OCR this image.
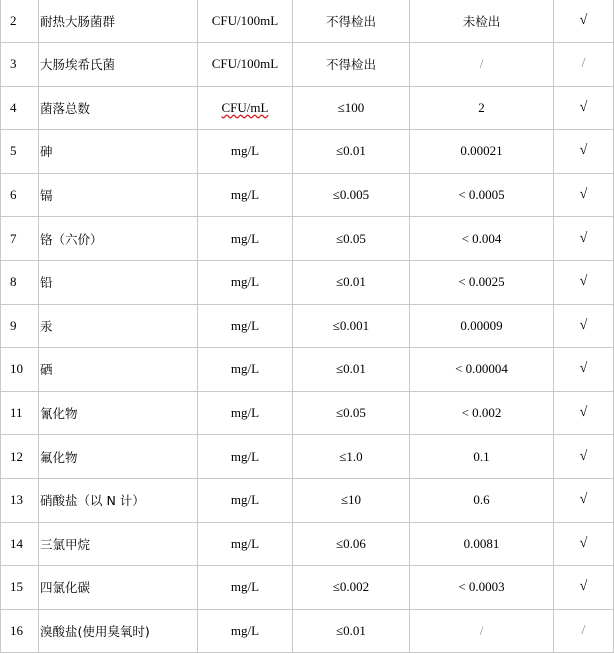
2	耐热大肠菌群	CFU/100mL	不得检出	未检出	√
3	大肠埃希氏菌	CFU/100mL	不得检出	/	/
4	菌落总数	CFU/mL	≤100	2	√
5	砷	mg/L	≤0.01	0.00021	√
6	镉	mg/L	≤0.005	< 0.0005	√
7	铬（六价）	mg/L	≤0.05	< 0.004	√
8	铅	mg/L	≤0.01	< 0.0025	√
9	汞	mg/L	≤0.001	0.00009	√
10	硒	mg/L	≤0.01	< 0.00004	√
11	氰化物	mg/L	≤0.05	< 0.002	√
12	氟化物	mg/L	≤1.0	0.1	√
13	硝酸盐（以 N 计）	mg/L	≤10	0.6	√
14	三氯甲烷	mg/L	≤0.06	0.0081	√
15	四氯化碳	mg/L	≤0.002	< 0.0003	√
16	溴酸盐(使用臭氧时)	mg/L	≤0.01	/	/
